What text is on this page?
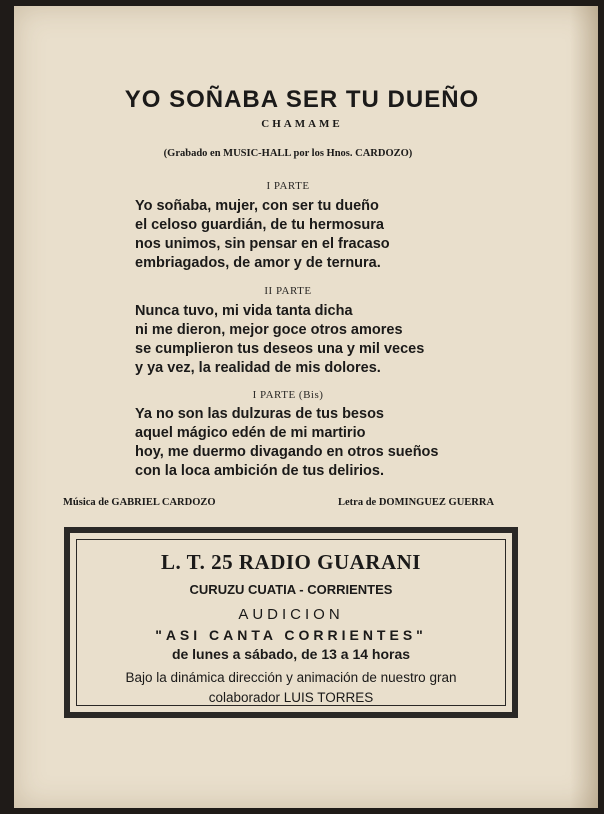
YO SOÑABA SER TU DUEÑO
CHAMAME
(Grabado en MUSIC-HALL por los Hnos. CARDOZO)
I PARTE
Yo soñaba, mujer, con ser tu dueño
el celoso guardián, de tu hermosura
nos unimos, sin pensar en el fracaso
embriagados, de amor y de ternura.
II PARTE
Nunca tuvo, mi vida tanta dicha
ni me dieron, mejor goce otros amores
se cumplieron tus deseos una y mil veces
y ya vez, la realidad de mis dolores.
I PARTE (Bis)
Ya no son las dulzuras de tus besos
aquel mágico edén de mi martirio
hoy, me duermo divagando en otros sueños
con la loca ambición de tus delirios.
Música de GABRIEL CARDOZO	Letra de DOMINGUEZ GUERRA
L. T. 25 RADIO GUARANI
CURUZU CUATIA - CORRIENTES
AUDICION
"ASI CANTA CORRIENTES"
de lunes a sábado, de 13 a 14 horas
Bajo la dinámica dirección y animación de nuestro gran
colaborador LUIS TORRES
